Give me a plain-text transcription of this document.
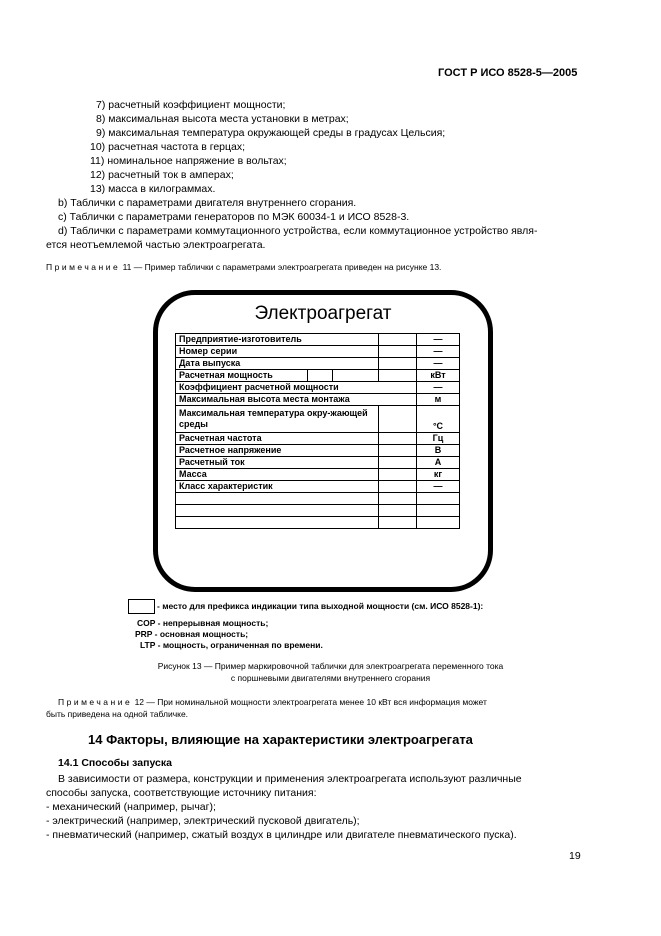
ГОСТ Р ИСО 8528-5—2005
7) расчетный коэффициент мощности;
8) максимальная высота места установки в метрах;
9) максимальная температура окружающей среды в градусах Цельсия;
10) расчетная частота в герцах;
11) номинальное напряжение в вольтах;
12) расчетный ток в амперах;
13) масса в килограммах.
b) Таблички с параметрами двигателя внутреннего сгорания.
c) Таблички с параметрами генераторов по МЭК 60034-1 и ИСО 8528-3.
d) Таблички с параметрами коммутационного устройства, если коммутационное устройство явля-
ется неотъемлемой частью электроагрегата.
Примечание 11 — Пример таблички с параметрами электроагрегата приведен на рисунке 13.
Электроагрегат
Предприятие-изготовитель		—
Номер серии		—
Дата выпуска		—
Расчетная мощность		кВт
Коэффициент расчетной мощности		—
Максимальная высота места монтажа		м
Максимальная температура окру-жающей среды		°С
Расчетная частота		Гц
Расчетное напряжение		В
Расчетный ток		А
Масса		кг
Класс характеристик		—

- место для префикса индикации типа выходной мощности (см. ИСО 8528-1):
COP - непрерывная мощность;
PRP - основная мощность;
LTP - мощность, ограниченная по времени.
Рисунок 13 — Пример маркировочной таблички для электроагрегата переменного тока
с поршневыми двигателями внутреннего сгорания
Примечание 12 — При номинальной мощности электроагрегата менее 10 кВт вся информация может
быть приведена на одной табличке.
14 Факторы, влияющие на характеристики электроагрегата
14.1 Способы запуска
В зависимости от размера, конструкции и применения электроагрегата используют различные
способы запуска, соответствующие источнику питания:
- механический (например, рычаг);
- электрический (например, электрический пусковой двигатель);
- пневматический (например, сжатый воздух в цилиндре или двигателе пневматического пуска).
19
